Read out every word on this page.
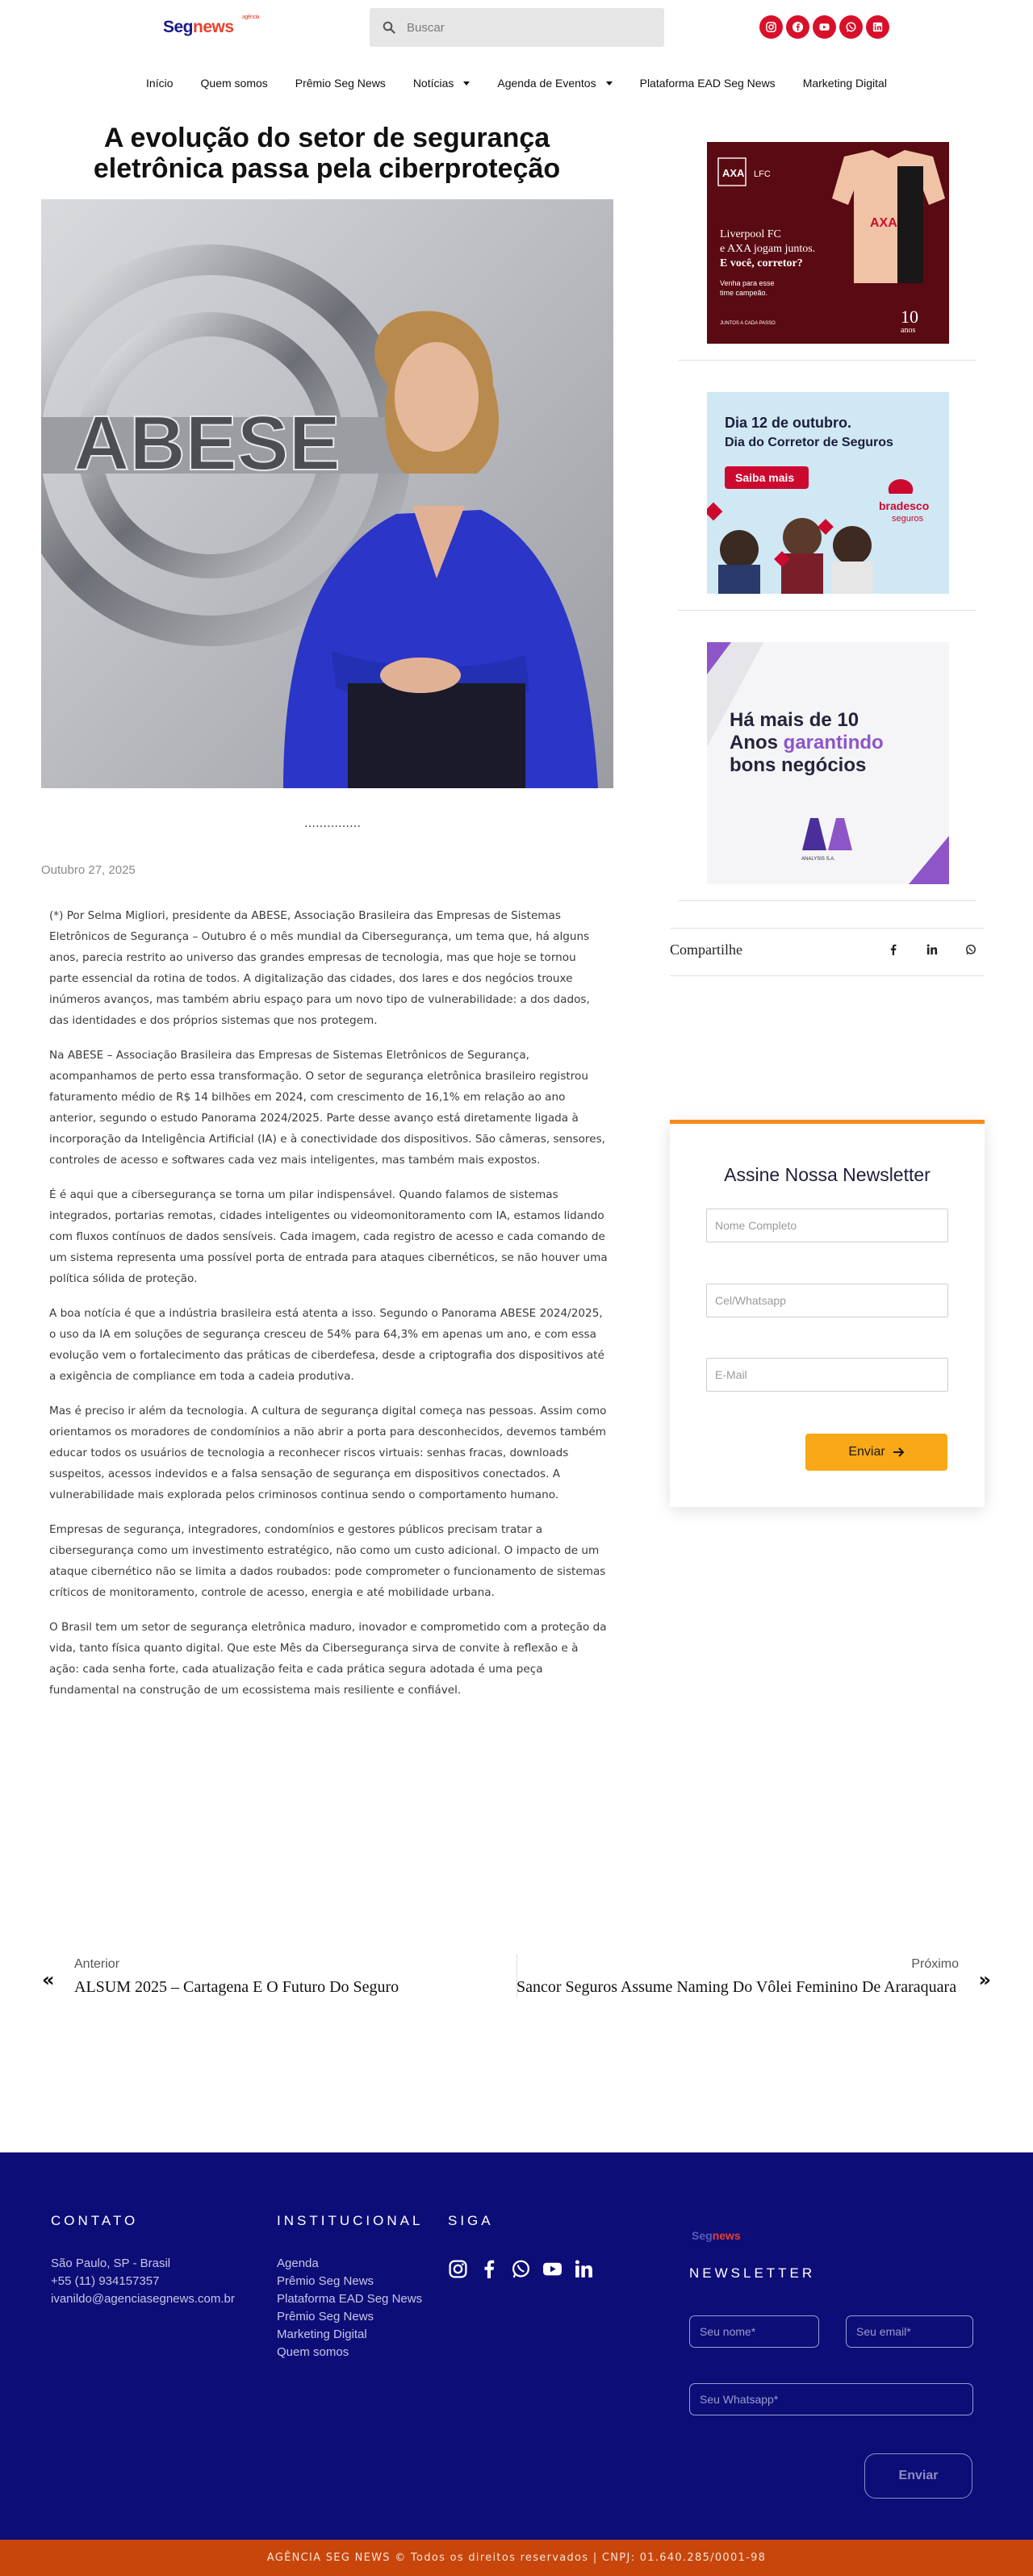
Segnews
agência
Buscar
Início Quem somos Prêmio Seg News Notícias	Agenda de Eventos	Plataforma EAD Seg News Marketing Digital
A evolução do setor de segurança eletrônica passa pela ciberproteção
ABESE
……………
Outubro 27, 2025

(*) Por Selma Migliori, presidente da ABESE, Associação Brasileira das Empresas de Sistemas Eletrônicos de Segurança – Outubro é o mês mundial da Cibersegurança, um tema que, há alguns anos, parecia restrito ao universo das grandes empresas de tecnologia, mas que hoje se tornou parte essencial da rotina de todos. A digitalização das cidades, dos lares e dos negócios trouxe inúmeros avanços, mas também abriu espaço para um novo tipo de vulnerabilidade: a dos dados, das identidades e dos próprios sistemas que nos protegem.

Na ABESE – Associação Brasileira das Empresas de Sistemas Eletrônicos de Segurança, acompanhamos de perto essa transformação. O setor de segurança eletrônica brasileiro registrou faturamento médio de R$ 14 bilhões em 2024, com crescimento de 16,1% em relação ao ano anterior, segundo o estudo Panorama 2024/2025. Parte desse avanço está diretamente ligada à incorporação da Inteligência Artificial (IA) e à conectividade dos dispositivos. São câmeras, sensores, controles de acesso e softwares cada vez mais inteligentes, mas também mais expostos.

É é aqui que a cibersegurança se torna um pilar indispensável. Quando falamos de sistemas integrados, portarias remotas, cidades inteligentes ou videomonitoramento com IA, estamos lidando com fluxos contínuos de dados sensíveis. Cada imagem, cada registro de acesso e cada comando de um sistema representa uma possível porta de entrada para ataques cibernéticos, se não houver uma política sólida de proteção.

A boa notícia é que a indústria brasileira está atenta a isso. Segundo o Panorama ABESE 2024/2025, o uso da IA em soluções de segurança cresceu de 54% para 64,3% em apenas um ano, e com essa evolução vem o fortalecimento das práticas de ciberdefesa, desde a criptografia dos dispositivos até a exigência de compliance em toda a cadeia produtiva.

Mas é preciso ir além da tecnologia. A cultura de segurança digital começa nas pessoas. Assim como orientamos os moradores de condomínios a não abrir a porta para desconhecidos, devemos também educar todos os usuários de tecnologia a reconhecer riscos virtuais: senhas fracas, downloads suspeitos, acessos indevidos e a falsa sensação de segurança em dispositivos conectados. A vulnerabilidade mais explorada pelos criminosos continua sendo o comportamento humano.

Empresas de segurança, integradores, condomínios e gestores públicos precisam tratar a cibersegurança como um investimento estratégico, não como um custo adicional. O impacto de um ataque cibernético não se limita a dados roubados: pode comprometer o funcionamento de sistemas críticos de monitoramento, controle de acesso, energia e até mobilidade urbana.

O Brasil tem um setor de segurança eletrônica maduro, inovador e comprometido com a proteção da vida, tanto física quanto digital. Que este Mês da Cibersegurança sirva de convite à reflexão e à ação: cada senha forte, cada atualização feita e cada prática segura adotada é uma peça fundamental na construção de um ecossistema mais resiliente e confiável.

AXA LFC
AXA
Liverpool FC
e AXA jogam juntos.
E você, corretor?
Venha para esse
time campeão.
JUNTOS A CADA PASSO	10
anos
Dia 12 de outubro.
Dia do Corretor de Seguros
Saiba mais
bradesco
seguros
Há mais de 10
Anos garantindo
bons negócios
ANALYSIS S.A.
Compartilhe
Assine Nossa Newsletter
Nome Completo
Cel/Whatsapp
E-Mail
Enviar
«
Anterior
ALSUM 2025 – Cartagena E O Futuro Do Seguro
Próximo
Sancor Seguros Assume Naming Do Vôlei Feminino De Araraquara »
CONTATO
São Paulo, SP - Brasil
+55 (11) 934157357
ivanildo@agenciasegnews.com.br
INSTITUCIONAL
Agenda
Prêmio Seg News
Plataforma EAD Seg News
Prêmio Seg News
Marketing Digital
Quem somos
SIGA
Segnews
NEWSLETTER
Seu nome*
Seu email*
Seu Whatsapp*
Enviar
AGÊNCIA SEG NEWS © Todos os direitos reservados | CNPJ: 01.640.285/0001-98
